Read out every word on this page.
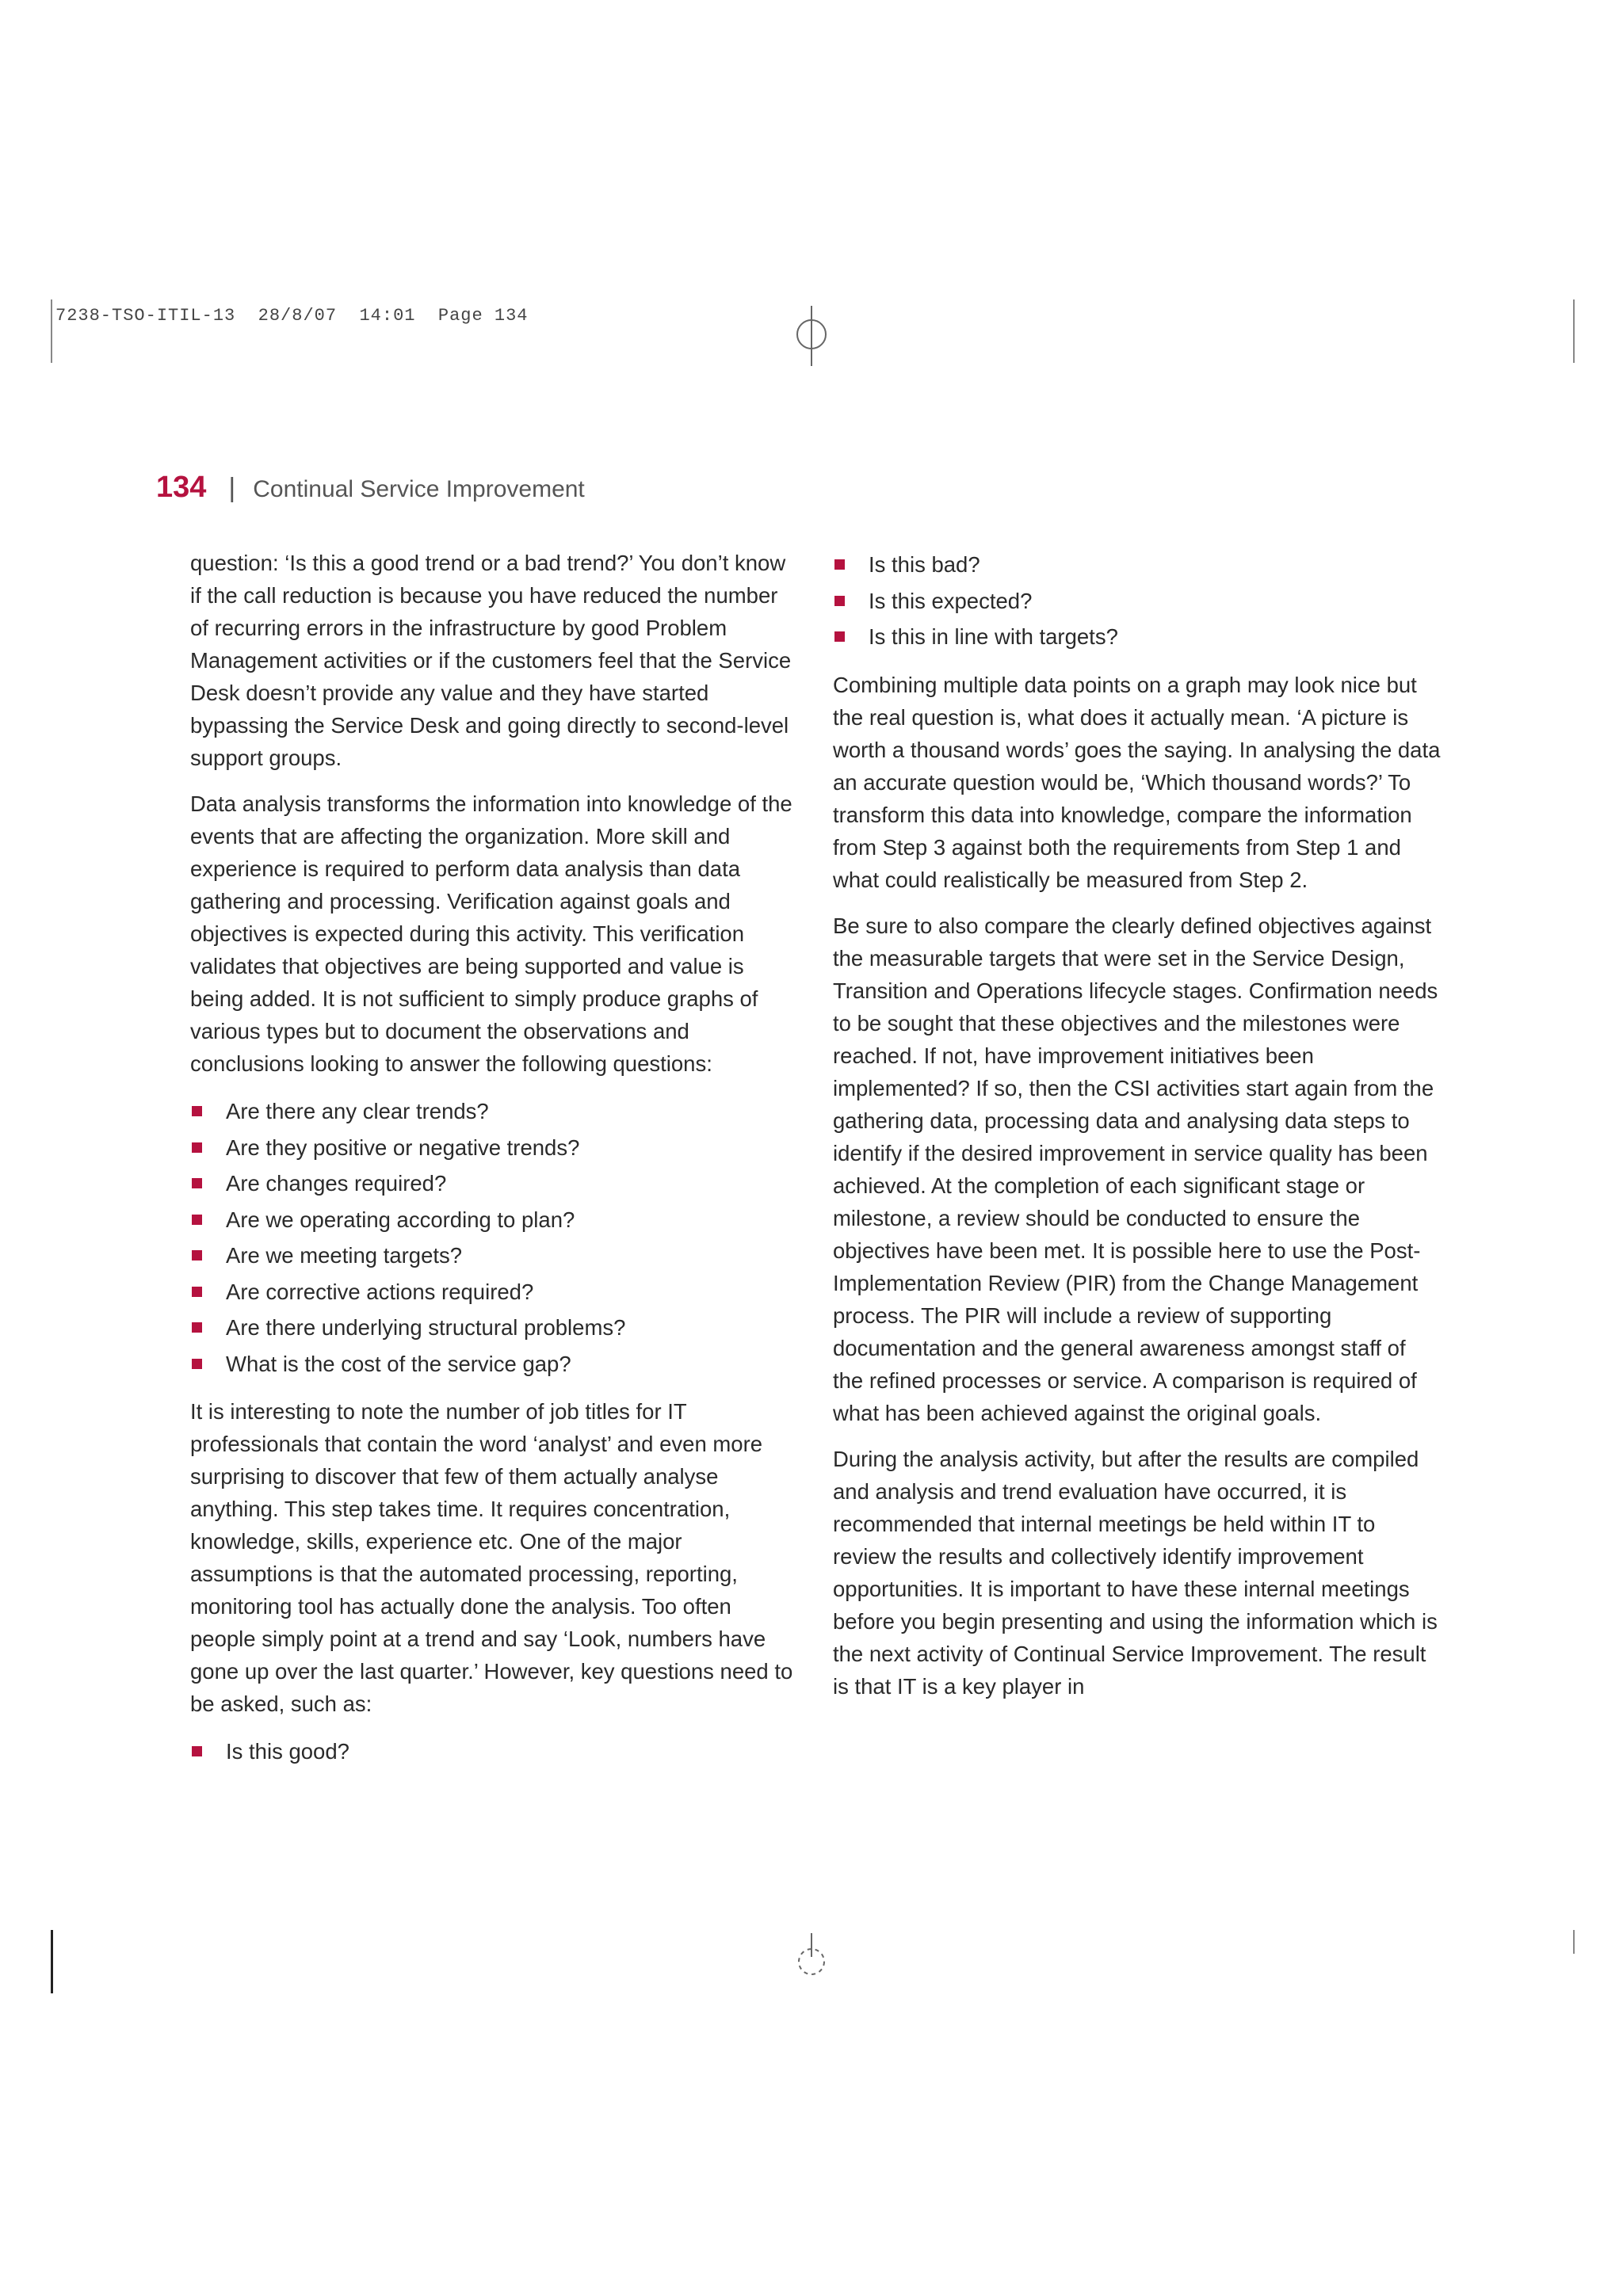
7238-TSO-ITIL-13  28/8/07  14:01  Page 134
134 | Continual Service Improvement

question: ‘Is this a good trend or a bad trend?’ You don’t know if the call reduction is because you have reduced the number of recurring errors in the infrastructure by good Problem Management activities or if the customers feel that the Service Desk doesn’t provide any value and they have started bypassing the Service Desk and going directly to second-level support groups.

Data analysis transforms the information into knowledge of the events that are affecting the organization. More skill and experience is required to perform data analysis than data gathering and processing. Verification against goals and objectives is expected during this activity. This verification validates that objectives are being supported and value is being added. It is not sufficient to simply produce graphs of various types but to document the observations and conclusions looking to answer the following questions:

Are there any clear trends?
Are they positive or negative trends?
Are changes required?
Are we operating according to plan?
Are we meeting targets?
Are corrective actions required?
Are there underlying structural problems?
What is the cost of the service gap?

It is interesting to note the number of job titles for IT professionals that contain the word ‘analyst’ and even more surprising to discover that few of them actually analyse anything. This step takes time. It requires concentration, knowledge, skills, experience etc. One of the major assumptions is that the automated processing, reporting, monitoring tool has actually done the analysis. Too often people simply point at a trend and say ‘Look, numbers have gone up over the last quarter.’ However, key questions need to be asked, such as:

Is this good?
Is this bad?
Is this expected?
Is this in line with targets?

Combining multiple data points on a graph may look nice but the real question is, what does it actually mean. ‘A picture is worth a thousand words’ goes the saying. In analysing the data an accurate question would be, ‘Which thousand words?’ To transform this data into knowledge, compare the information from Step 3 against both the requirements from Step 1 and what could realistically be measured from Step 2.

Be sure to also compare the clearly defined objectives against the measurable targets that were set in the Service Design, Transition and Operations lifecycle stages. Confirmation needs to be sought that these objectives and the milestones were reached. If not, have improvement initiatives been implemented? If so, then the CSI activities start again from the gathering data, processing data and analysing data steps to identify if the desired improvement in service quality has been achieved. At the completion of each significant stage or milestone, a review should be conducted to ensure the objectives have been met. It is possible here to use the Post-Implementation Review (PIR) from the Change Management process. The PIR will include a review of supporting documentation and the general awareness amongst staff of the refined processes or service. A comparison is required of what has been achieved against the original goals.

During the analysis activity, but after the results are compiled and analysis and trend evaluation have occurred, it is recommended that internal meetings be held within IT to review the results and collectively identify improvement opportunities. It is important to have these internal meetings before you begin presenting and using the information which is the next activity of Continual Service Improvement. The result is that IT is a key player in
